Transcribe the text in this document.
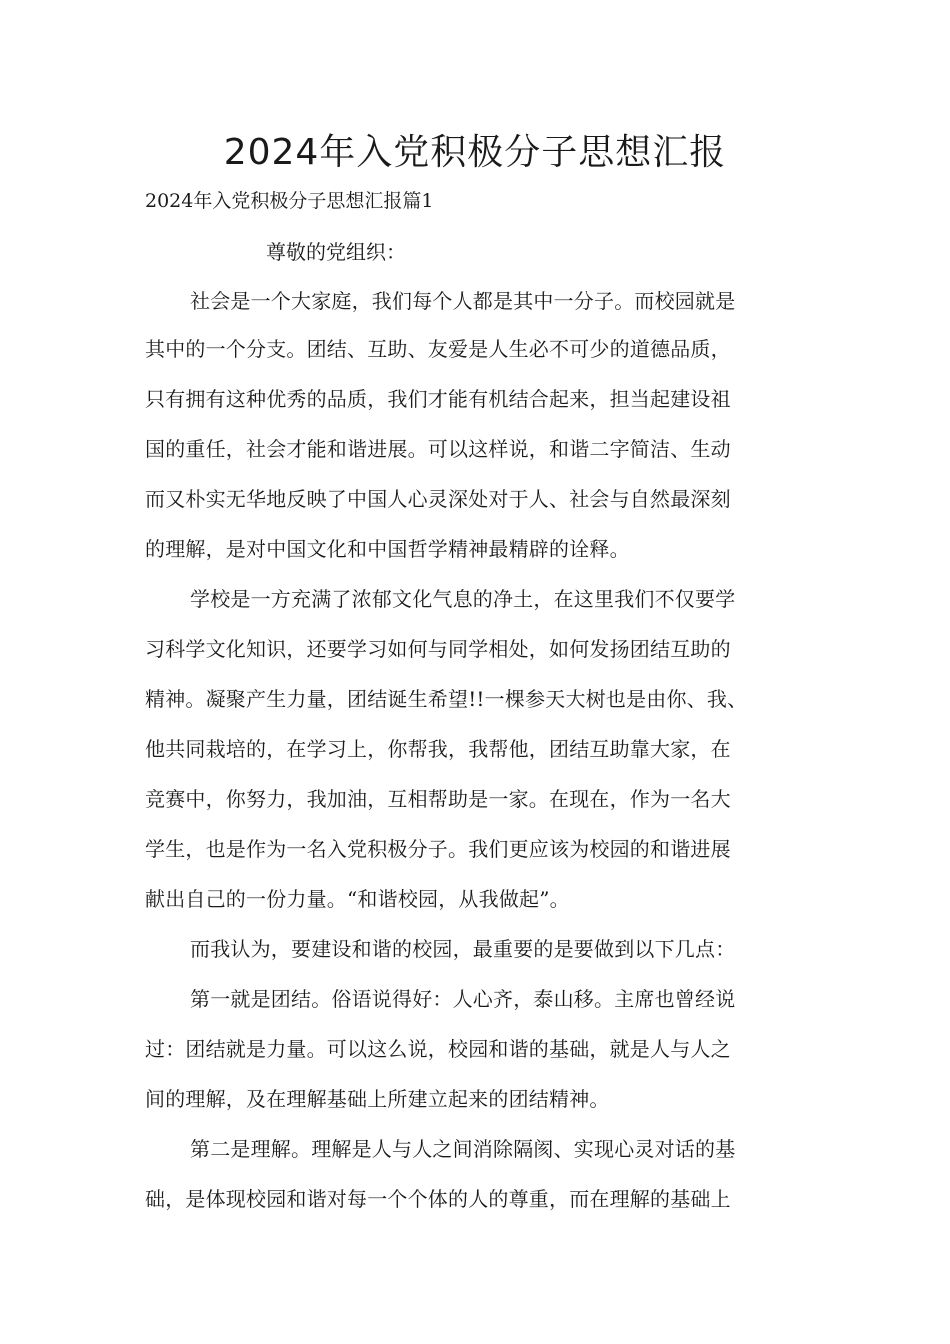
2024年入党积极分子思想汇报
2024年入党积极分子思想汇报篇1
尊敬的党组织：
社会是一个大家庭，我们每个人都是其中一分子。而校园就是
其中的一个分支。团结、互助、友爱是人生必不可少的道德品质，
只有拥有这种优秀的品质，我们才能有机结合起来，担当起建设祖
国的重任，社会才能和谐进展。可以这样说，和谐二字简洁、生动
而又朴实无华地反映了中国人心灵深处对于人、社会与自然最深刻
的理解，是对中国文化和中国哲学精神最精辟的诠释。
学校是一方充满了浓郁文化气息的净土，在这里我们不仅要学
习科学文化知识，还要学习如何与同学相处，如何发扬团结互助的
精神。凝聚产生力量，团结诞生希望!!一棵参天大树也是由你、我、
他共同栽培的，在学习上，你帮我，我帮他，团结互助靠大家，在
竞赛中，你努力，我加油，互相帮助是一家。在现在，作为一名大
学生，也是作为一名入党积极分子。我们更应该为校园的和谐进展
献出自己的一份力量。“和谐校园，从我做起”。
而我认为，要建设和谐的校园，最重要的是要做到以下几点：
第一就是团结。俗语说得好：人心齐，泰山移。主席也曾经说
过：团结就是力量。可以这么说，校园和谐的基础，就是人与人之
间的理解，及在理解基础上所建立起来的团结精神。
第二是理解。理解是人与人之间消除隔阂、实现心灵对话的基
础，是体现校园和谐对每一个个体的人的尊重，而在理解的基础上
